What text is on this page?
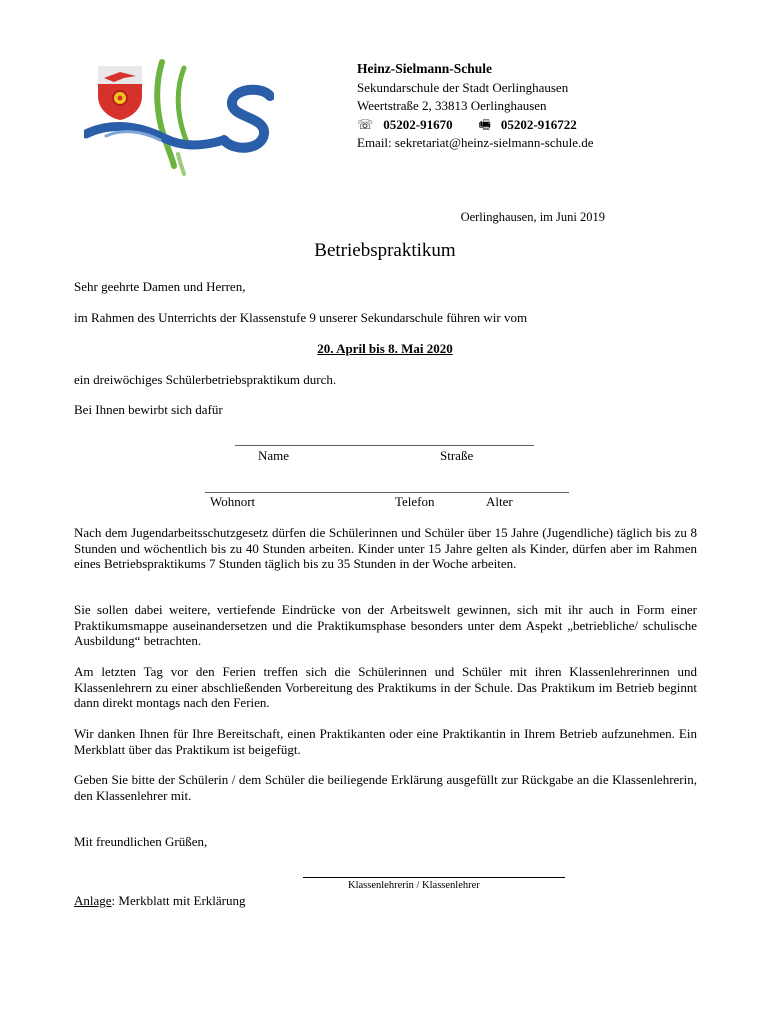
Heinz-Sielmann-Schule
Sekundarschule der Stadt Oerlinghausen
Weertstraße 2, 33813 Oerlinghausen
☏ 05202-91670 🖷 05202-916722
Email: sekretariat@heinz-sielmann-schule.de
Oerlinghausen, im Juni 2019
Betriebspraktikum
Sehr geehrte Damen und Herren,
im Rahmen des Unterrichts der Klassenstufe 9 unserer Sekundarschule führen wir vom
20. April bis 8. Mai 2020
ein dreiwöchiges Schülerbetriebspraktikum durch.
Bei Ihnen bewirbt sich dafür
______________________________________________
Name	Straße
________________________________________________________
Wohnort	Telefon	Alter
Nach dem Jugendarbeitsschutzgesetz dürfen die Schülerinnen und Schüler über 15 Jahre (Jugendliche) täglich bis zu 8 Stunden und wöchentlich bis zu 40 Stunden arbeiten. Kinder unter 15 Jahre gelten als Kinder, dürfen aber im Rahmen eines Betriebspraktikums 7 Stunden täglich bis zu 35 Stunden in der Woche arbeiten.
Sie sollen dabei weitere, vertiefende Eindrücke von der Arbeitswelt gewinnen, sich mit ihr auch in Form einer Praktikumsmappe auseinandersetzen und die Praktikumsphase besonders unter dem Aspekt „betriebliche/ schulische Ausbildung“ betrachten.
Am letzten Tag vor den Ferien treffen sich die Schülerinnen und Schüler mit ihren Klassenlehrerinnen und Klassenlehrern zu einer abschließenden Vorbereitung des Praktikums in der Schule. Das Praktikum im Betrieb beginnt dann direkt montags nach den Ferien.
Wir danken Ihnen für Ihre Bereitschaft, einen Praktikanten oder eine Praktikantin in Ihrem Betrieb aufzunehmen. Ein Merkblatt über das Praktikum ist beigefügt.
Geben Sie bitte der Schülerin / dem Schüler die beiliegende Erklärung ausgefüllt zur Rückgabe an die Klassenlehrerin, den Klassenlehrer mit.
Mit freundlichen Grüßen,
Klassenlehrerin / Klassenlehrer
Anlage: Merkblatt mit Erklärung
